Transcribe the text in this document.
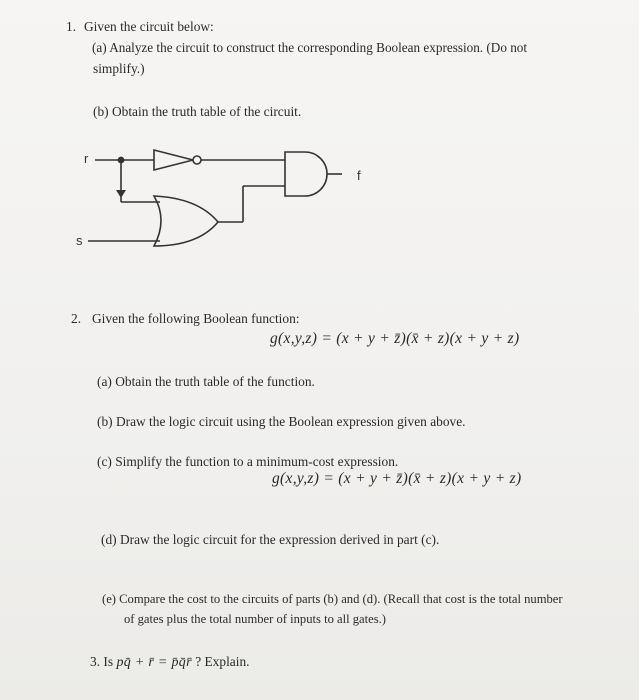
1. Given the circuit below:
(a) Analyze the circuit to construct the corresponding Boolean expression. (Do not
simplify.)
(b) Obtain the truth table of the circuit.
r
s
f
2. Given the following Boolean function:
g(x,y,z) = (x + y + z̄)(x̄ + z)(x + y + z)
(a) Obtain the truth table of the function.
(b) Draw the logic circuit using the Boolean expression given above.
(c) Simplify the function to a minimum-cost expression.
g(x,y,z) = (x + y + z̄)(x̄ + z)(x + y + z)
(d) Draw the logic circuit for the expression derived in part (c).
(e) Compare the cost to the circuits of parts (b) and (d). (Recall that cost is the total number
of gates plus the total number of inputs to all gates.)
3. Is pq̄ + r̄ = p̄q̄r̄ ? Explain.
